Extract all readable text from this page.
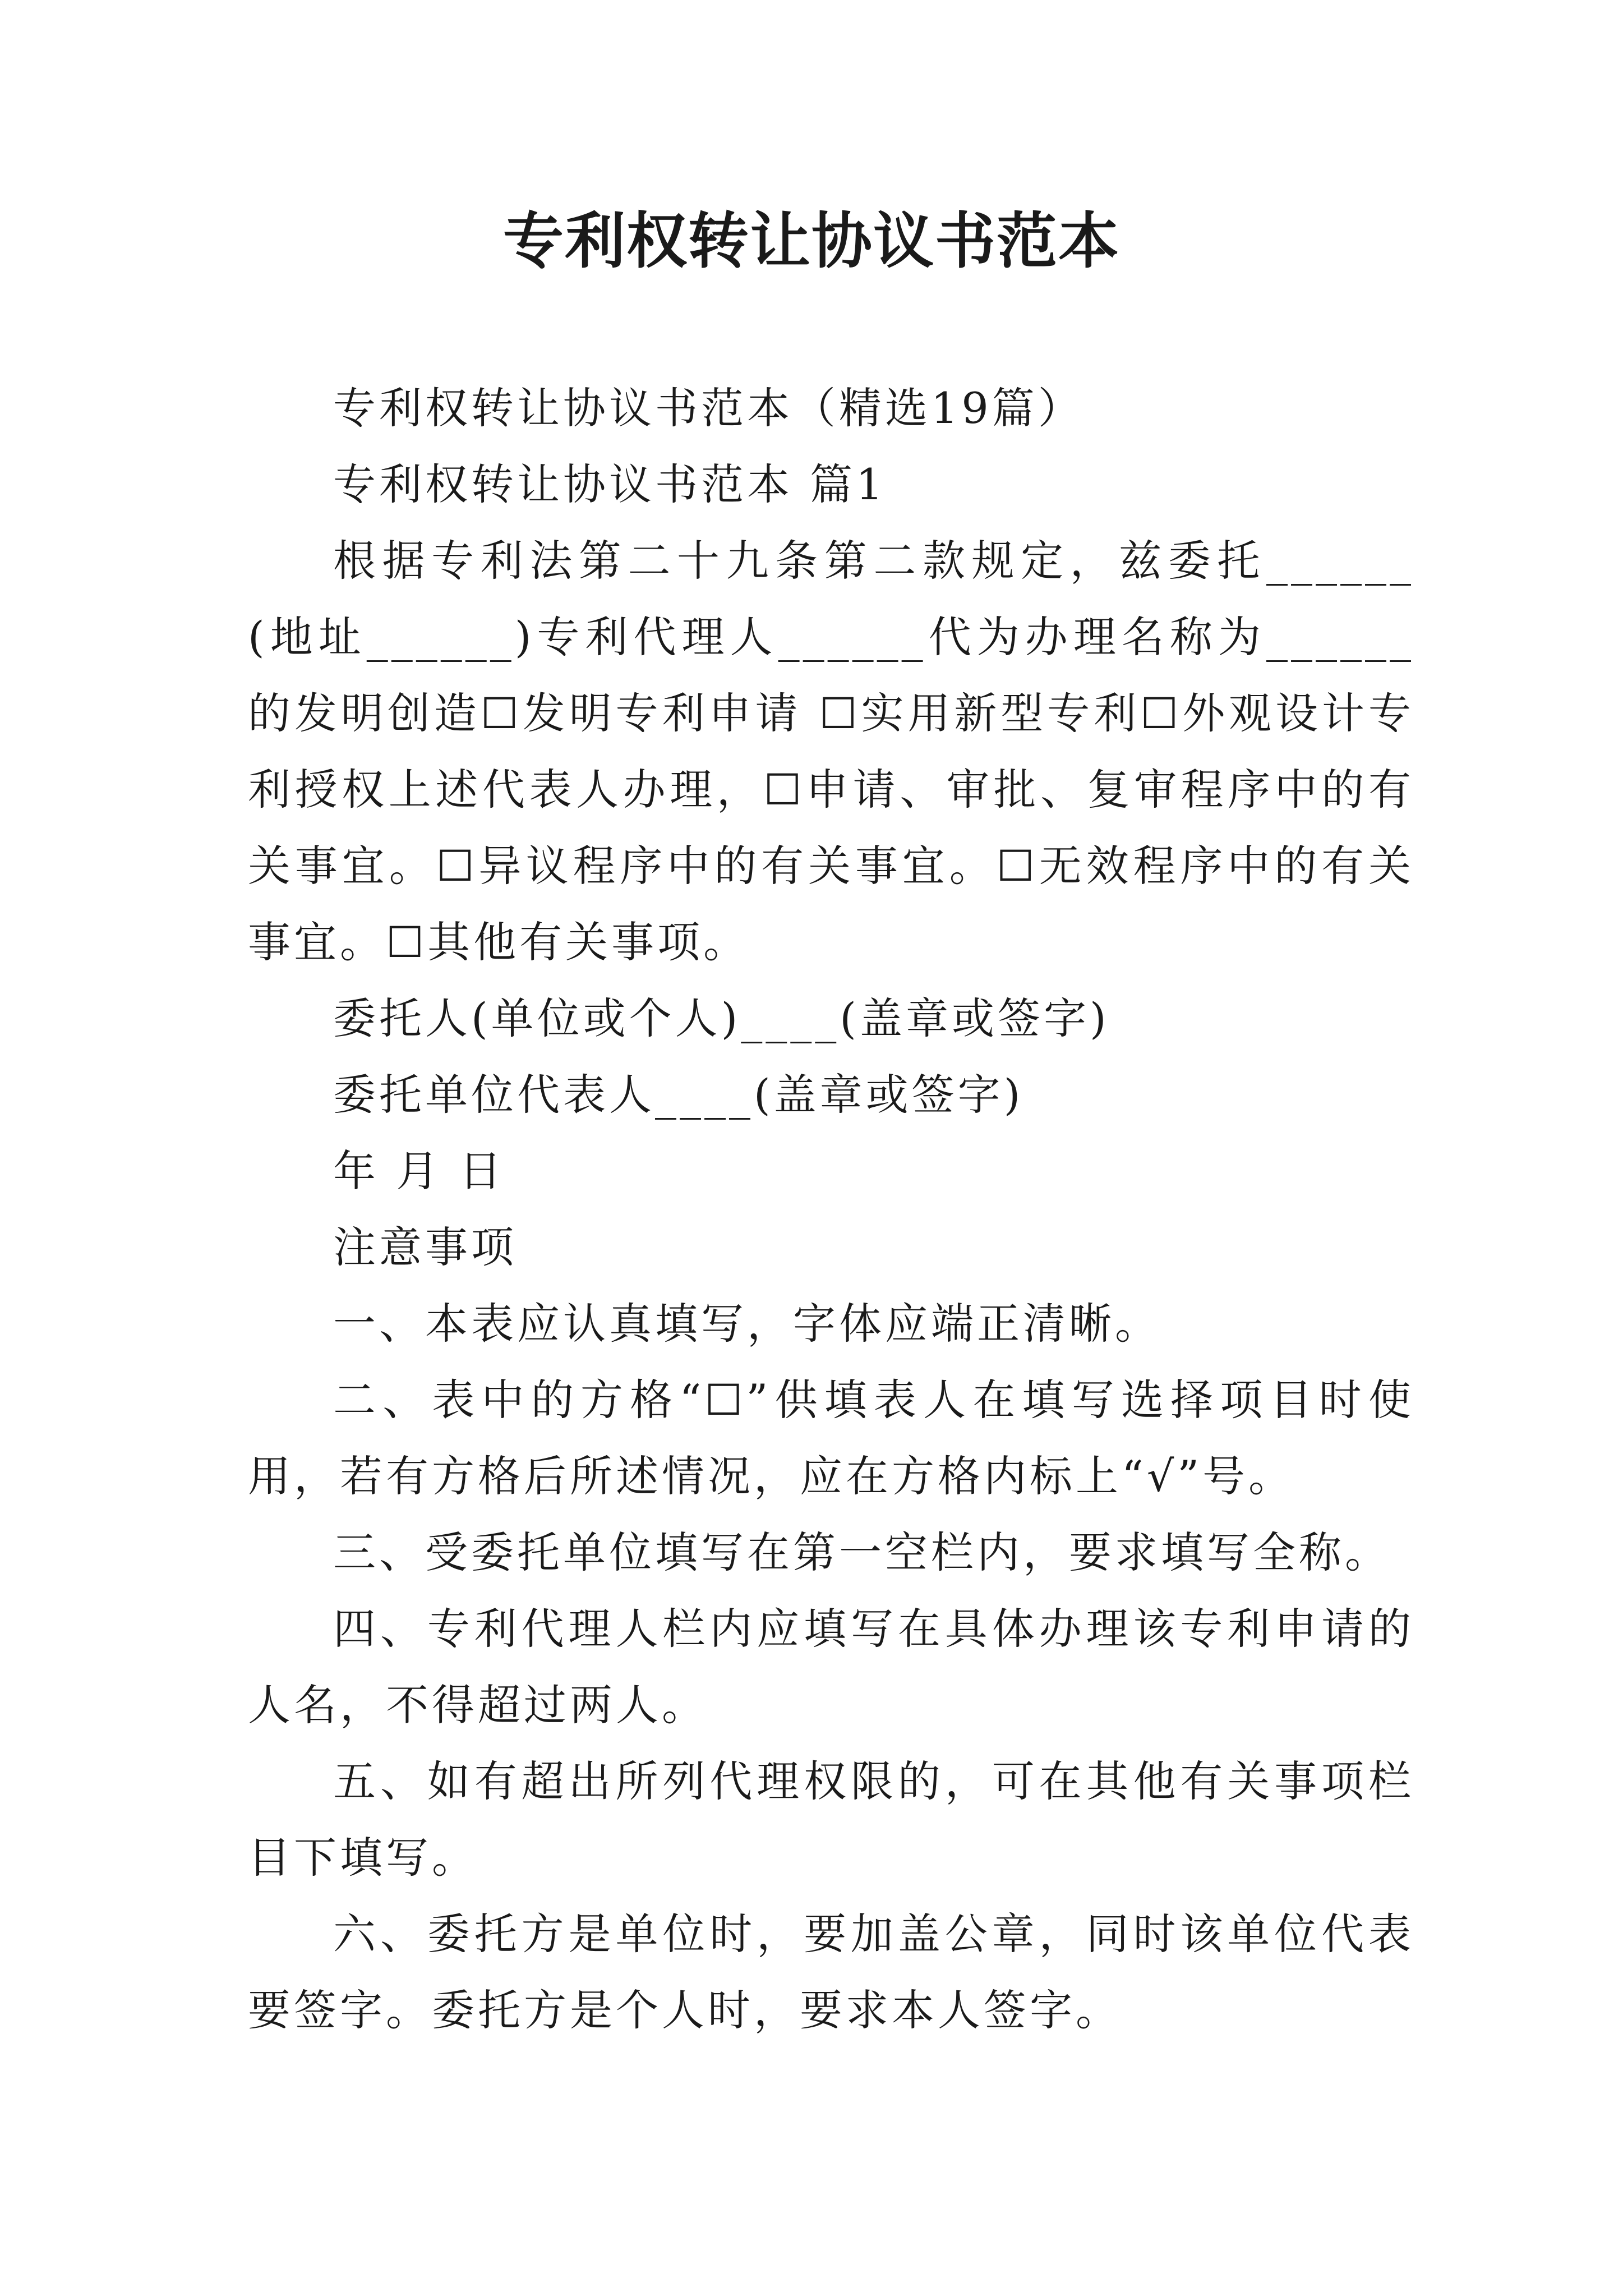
专利权转让协议书范本

专利权转让协议书范本（精选19篇）

专利权转让协议书范本 篇1

根据专利法第二十九条第二款规定，兹委托______(地址______)专利代理人______代为办理名称为______的发明创造☐发明专利申请 ☐实用新型专利☐外观设计专利授权上述代表人办理，☐申请、审批、复审程序中的有关事宜。☐异议程序中的有关事宜。☐无效程序中的有关事宜。☐其他有关事项。

委托人(单位或个人)____(盖章或签字)

委托单位代表人____(盖章或签字)

年 月 日

注意事项

一、本表应认真填写，字体应端正清晰。

二、表中的方格“☐”供填表人在填写选择项目时使用，若有方格后所述情况，应在方格内标上“√”号。

三、受委托单位填写在第一空栏内，要求填写全称。

四、专利代理人栏内应填写在具体办理该专利申请的人名，不得超过两人。

五、如有超出所列代理权限的，可在其他有关事项栏目下填写。

六、委托方是单位时，要加盖公章，同时该单位代表要签字。委托方是个人时，要求本人签字。
